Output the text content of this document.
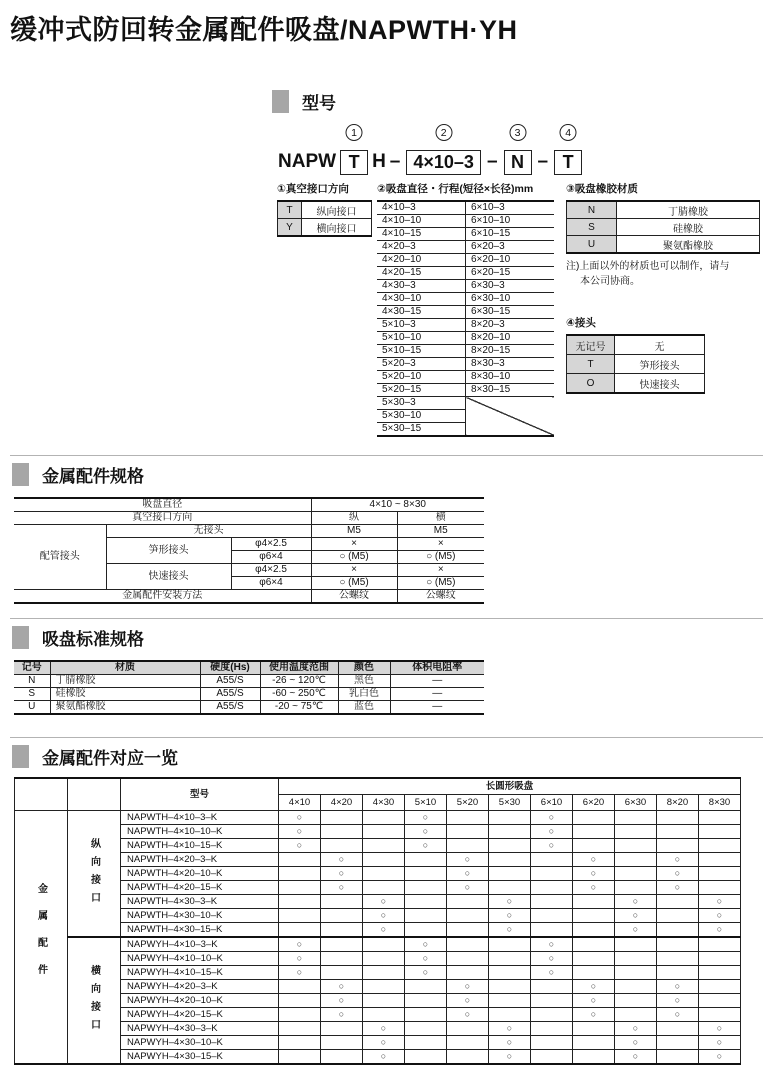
缓冲式防回转金属配件吸盘/NAPWTH·YH
型号
NAPW
1
T H –
2
4×10–3 –
3
N –
4
T
①真空接口方向
T	纵向接口
Y	横向接口
②吸盘直径・行程(短径×长径)mm
4×10–3	6×10–3
4×10–10	6×10–10
4×10–15	6×10–15
4×20–3	6×20–3
4×20–10	6×20–10
4×20–15	6×20–15
4×30–3	6×30–3
4×30–10	6×30–10
4×30–15	6×30–15
5×10–3	8×20–3
5×10–10	8×20–10
5×10–15	8×20–15
5×20–3	8×30–3
5×20–10	8×30–10
5×20–15	8×30–15
5×30–3	
5×30–10	
5×30–15	
③吸盘橡胶材质
N	丁腈橡胶
S	硅橡胶
U	聚氨酯橡胶
注)上面以外的材质也可以制作，请与
本公司协商。
④接头
无记号	无
T	笋形接头
O	快速接头
金属配件规格
吸盘直径			4×10 ~ 8×30	
真空接口方向			纵	横
配管接头	无接头		M5	M5
	笋形接头	φ4×2.5	×	×
		φ6×4	○ (M5)	○ (M5)
	快速接头	φ4×2.5	×	×
		φ6×4	○ (M5)	○ (M5)
金属配件安装方法			公螺纹	公螺纹
吸盘标准规格
记号	材质	硬度(Hs)	使用温度范围	颜色	体积电阻率
N	丁腈橡胶	A55/S	-26 ~ 120℃	黑色	—
S	硅橡胶	A55/S	-60 ~ 250℃	乳白色	—
U	聚氨酯橡胶	A55/S	-20 ~ 75℃	蓝色	—
金属配件对应一览
		型号	长圆形吸盘										
			4×10	4×20	4×30	5×10	5×20	5×30	6×10	6×20	6×30	8×20	8×30
金属配件	纵向接口	NAPWTH–4×10–3–K	○			○			○				
		NAPWTH–4×10–10–K	○			○			○				
		NAPWTH–4×10–15–K	○			○			○				
		NAPWTH–4×20–3–K		○			○			○		○	
		NAPWTH–4×20–10–K		○			○			○		○	
		NAPWTH–4×20–15–K		○			○			○		○	
		NAPWTH–4×30–3–K			○			○			○		○
		NAPWTH–4×30–10–K			○			○			○		○
		NAPWTH–4×30–15–K			○			○			○		○
	横向接口	NAPWYH–4×10–3–K	○			○			○				
		NAPWYH–4×10–10–K	○			○			○				
		NAPWYH–4×10–15–K	○			○			○				
		NAPWYH–4×20–3–K		○			○			○		○	
		NAPWYH–4×20–10–K		○			○			○		○	
		NAPWYH–4×20–15–K		○			○			○		○	
		NAPWYH–4×30–3–K			○			○			○		○
		NAPWYH–4×30–10–K			○			○			○		○
		NAPWYH–4×30–15–K			○			○			○		○
